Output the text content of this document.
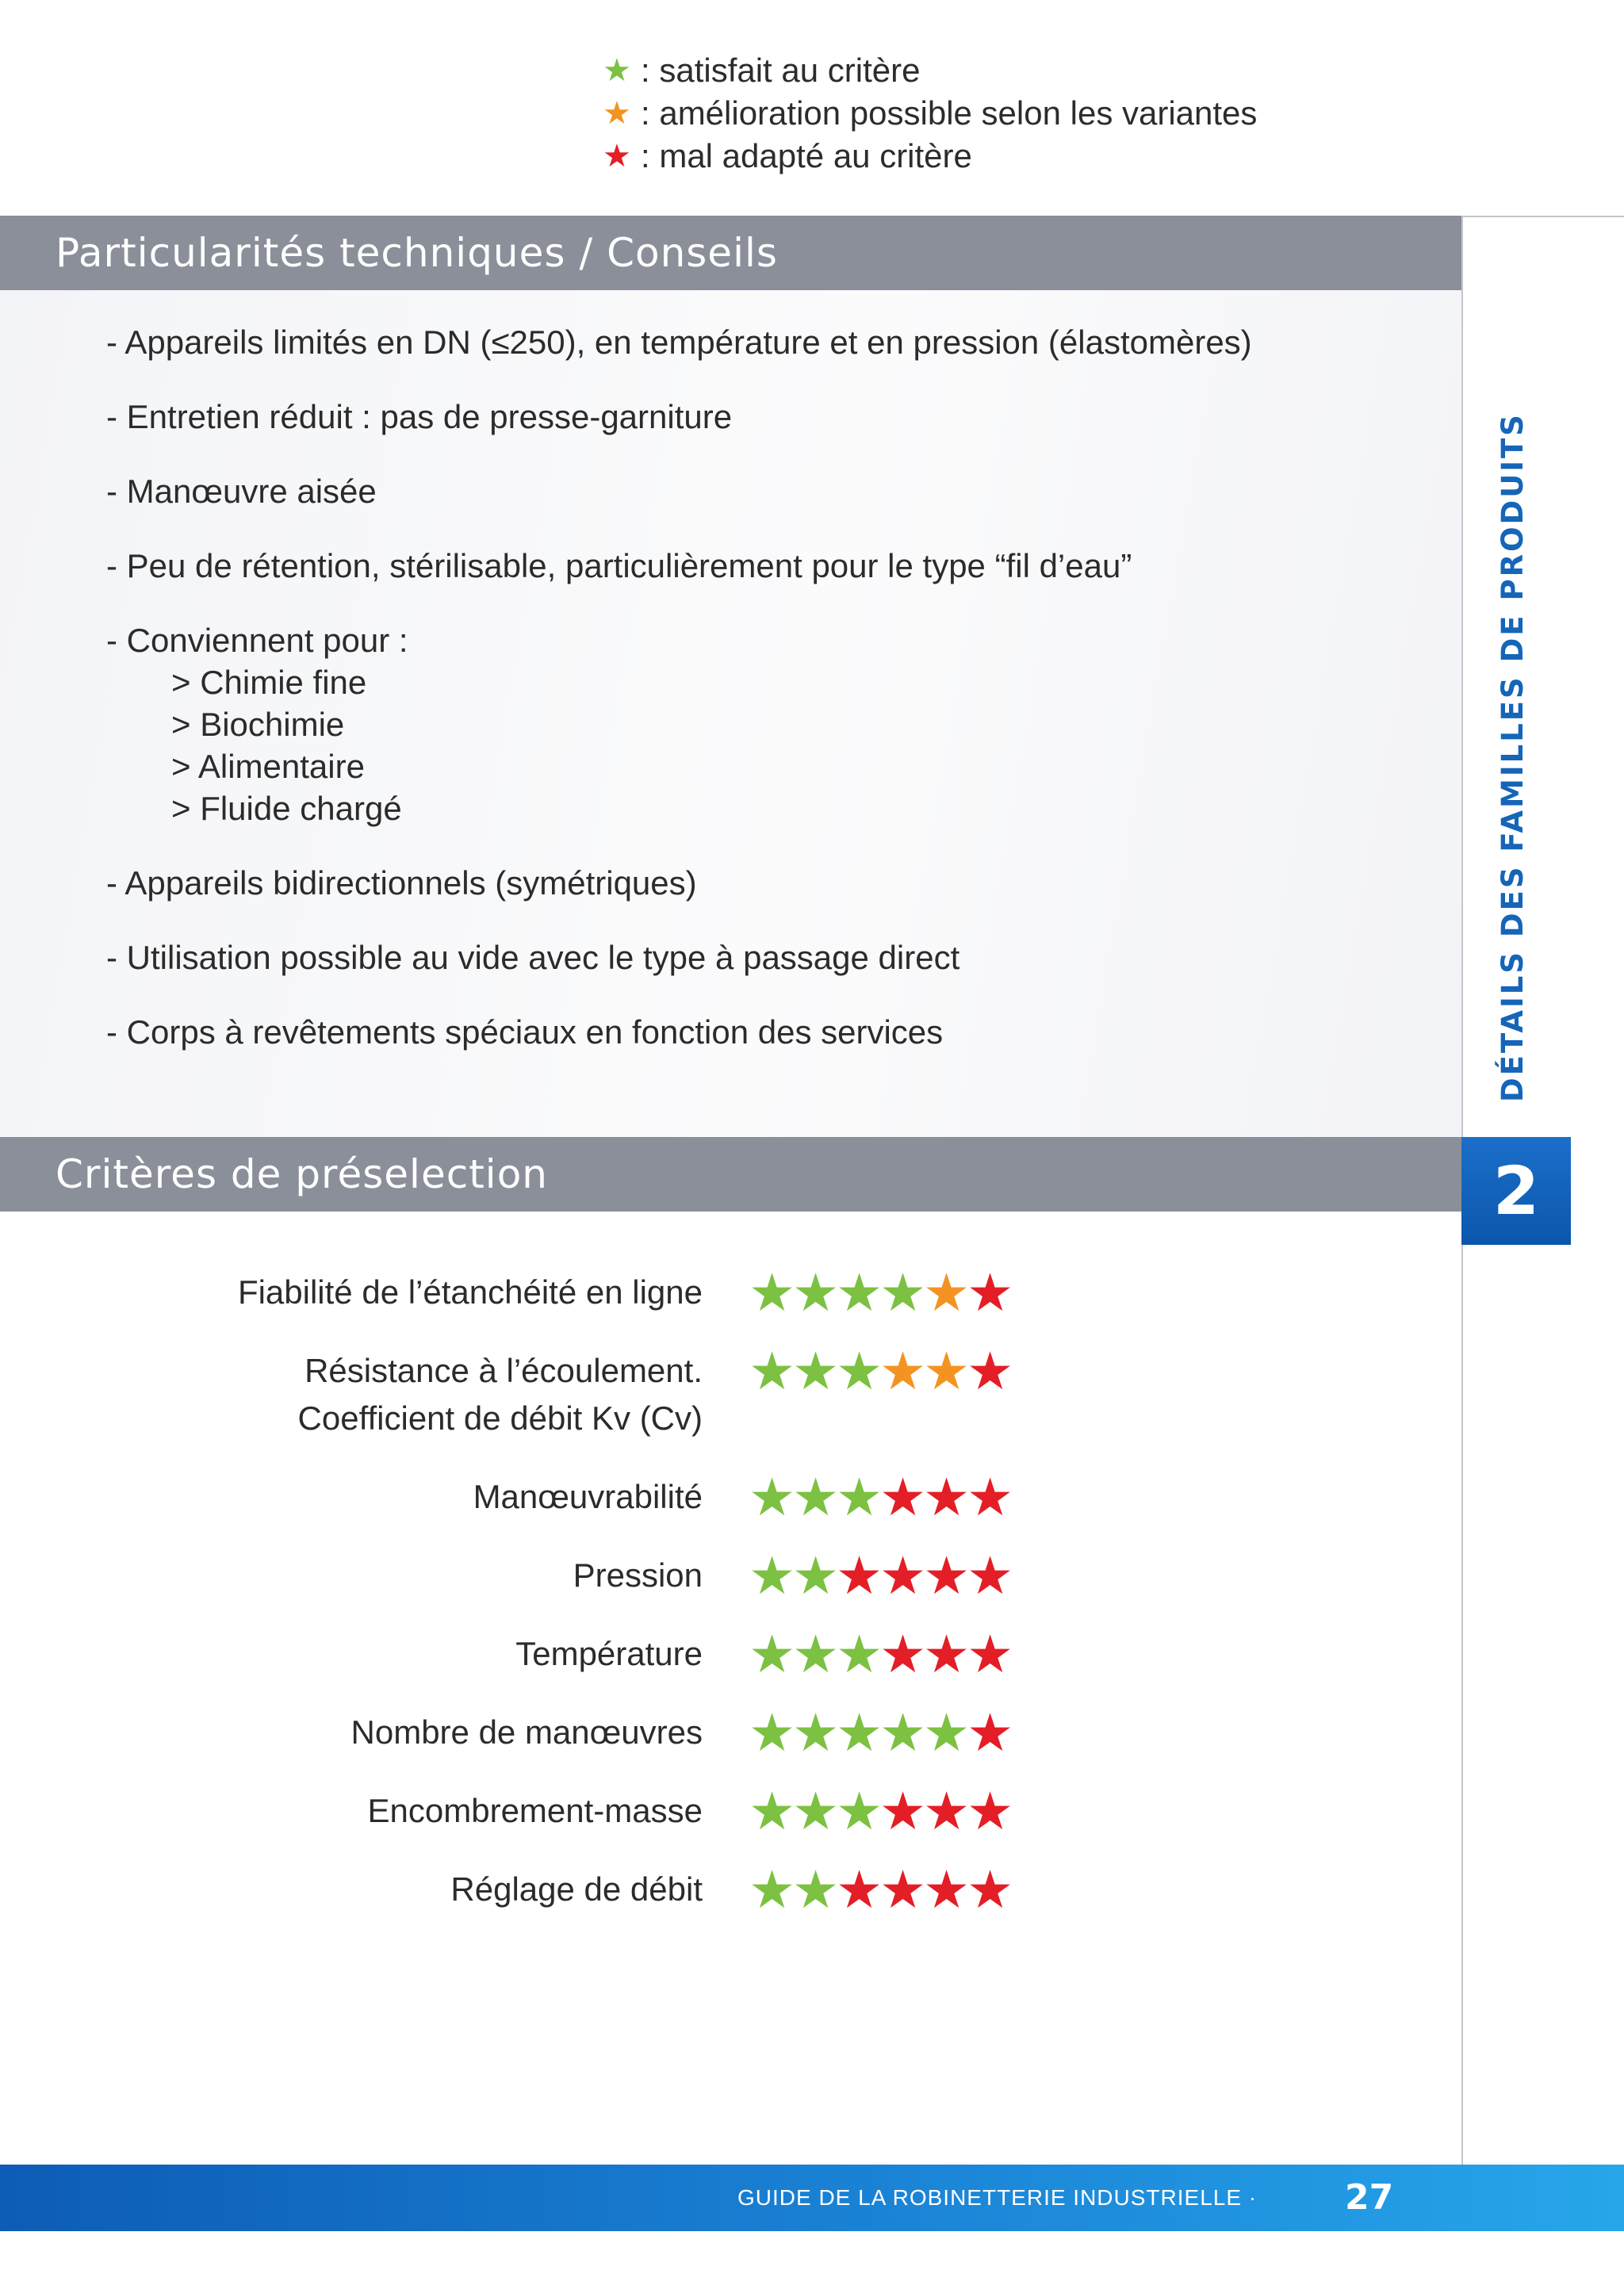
★ : satisfait au critère
★ : amélioration possible selon les variantes
★ : mal adapté au critère
Particularités techniques / Conseils
- Appareils limités en DN (≤250), en température et en pression (élastomères)
- Entretien réduit : pas de presse-garniture
- Manœuvre aisée
- Peu de rétention, stérilisable, particulièrement pour le type “fil d’eau”
- Conviennent pour :
> Chimie fine
> Biochimie
> Alimentaire
> Fluide chargé
- Appareils bidirectionnels (symétriques)
- Utilisation possible au vide avec le type à passage direct
- Corps à revêtements spéciaux en fonction des services
Critères de préselection
Fiabilité de l’étanchéité en ligne ★
★
★
★
★
★
Résistance à l’écoulement.
Coefficient de débit Kv (Cv)
★
★
★
★
★
★
Manœuvrabilité ★
★
★
★
★
★
Pression ★
★
★
★
★
★
Température ★
★
★
★
★
★
Nombre de manœuvres ★
★
★
★
★
★
Encombrement-masse ★
★
★
★
★
★
Réglage de débit ★
★
★
★
★
★
DÉTAILS DES FAMILLES DE PRODUITS
2
GUIDE DE LA ROBINETTERIE INDUSTRIELLE ·	27
